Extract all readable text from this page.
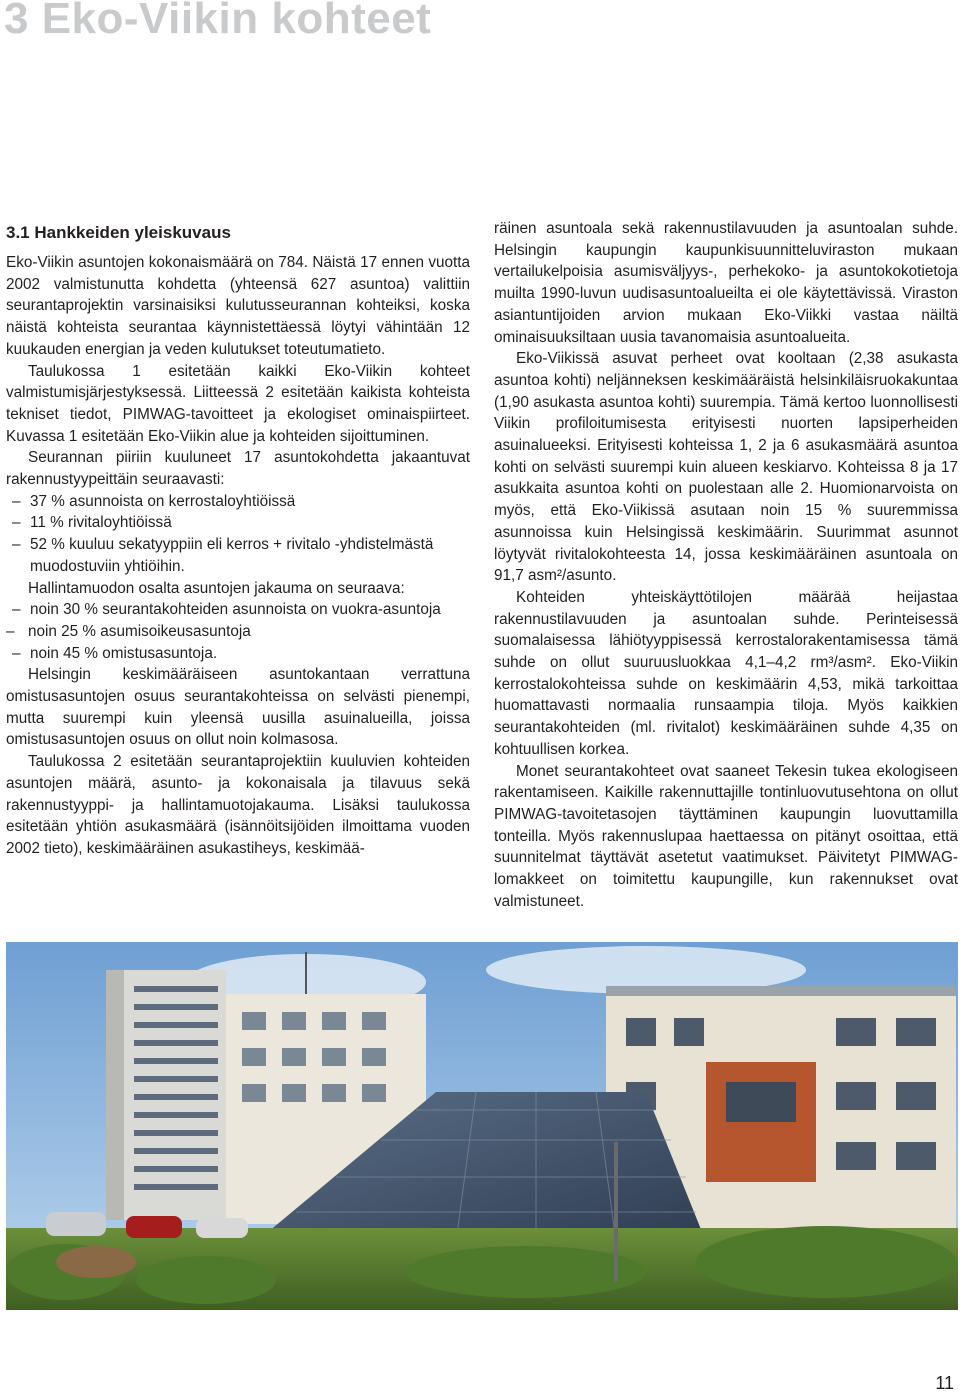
3 Eko-Viikin kohteet
3.1 Hankkeiden yleiskuvaus

Eko-Viikin asuntojen kokonaismäärä on 784. Näistä 17 ennen vuotta 2002 valmistunutta kohdetta (yhteensä 627 asuntoa) valittiin seurantaprojektin varsinaisiksi kulutusseurannan kohteiksi, koska näistä kohteista seurantaa käynnistettäessä löytyi vähintään 12 kuukauden energian ja veden kulutukset toteutumatieto.

Taulukossa 1 esitetään kaikki Eko-Viikin kohteet valmistumisjärjestyksessä. Liitteessä 2 esitetään kaikista kohteista tekniset tiedot, PIMWAG-tavoitteet ja ekologiset ominaispiirteet. Kuvassa 1 esitetään Eko-Viikin alue ja kohteiden sijoittuminen.

Seurannan piiriin kuuluneet 17 asuntokohdetta jakaantuvat rakennustyypeittäin seuraavasti:

– 37 % asunnoista on kerrostaloyhtiöissä
– 11 % rivitaloyhtiöissä
– 52 % kuuluu sekatyyppiin eli kerros + rivitalo -yhdistelmästä muodostuviin yhtiöihin.

Hallintamuodon osalta asuntojen jakauma on seuraava:

– noin 30 % seurantakohteiden asunnoista on vuokra-asuntoja
– noin 25 % asumisoikeusasuntoja
– noin 45 % omistusasuntoja.

Helsingin keskimääräiseen asuntokantaan verrattuna omistusasuntojen osuus seurantakohteissa on selvästi pienempi, mutta suurempi kuin yleensä uusilla asuinalueilla, joissa omistusasuntojen osuus on ollut noin kolmasosa.

Taulukossa 2 esitetään seurantaprojektiin kuuluvien kohteiden asuntojen määrä, asunto- ja kokonaisala ja tilavuus sekä rakennustyyppi- ja hallintamuotojakauma. Lisäksi taulukossa esitetään yhtiön asukasmäärä (isännöitsijöiden ilmoittama vuoden 2002 tieto), keskimääräinen asukastiheys, keskimää-

räinen asuntoala sekä rakennustilavuuden ja asuntoalan suhde. Helsingin kaupungin kaupunkisuunnitteluviraston mukaan vertailukelpoisia asumisväljyys-, perhekoko- ja asuntokokotietoja muilta 1990-luvun uudisasuntoalueilta ei ole käytettävissä. Viraston asiantuntijoiden arvion mukaan Eko-Viikki vastaa näiltä ominaisuuksiltaan uusia tavanomaisia asuntoalueita.

Eko-Viikissä asuvat perheet ovat kooltaan (2,38 asukasta asuntoa kohti) neljänneksen keskimääräistä helsinkiläisruokakuntaa (1,90 asukasta asuntoa kohti) suurempia. Tämä kertoo luonnollisesti Viikin profiloitumisesta erityisesti nuorten lapsiperheiden asuinalueeksi. Erityisesti kohteissa 1, 2 ja 6 asukasmäärä asuntoa kohti on selvästi suurempi kuin alueen keskiarvo. Kohteissa 8 ja 17 asukkaita asuntoa kohti on puolestaan alle 2. Huomionarvoista on myös, että Eko-Viikissä asutaan noin 15 % suuremmissa asunnoissa kuin Helsingissä keskimäärin. Suurimmat asunnot löytyvät rivitalokohteesta 14, jossa keskimääräinen asuntoala on 91,7 asm²/asunto.

Kohteiden yhteiskäyttötilojen määrää heijastaa rakennustilavuuden ja asuntoalan suhde. Perinteisessä suomalaisessa lähiötyyppisessä kerrostalorakentamisessa tämä suhde on ollut suuruusluokkaa 4,1–4,2 rm³/asm². Eko-Viikin kerrostalokohteissa suhde on keskimäärin 4,53, mikä tarkoittaa huomattavasti normaalia runsaampia tiloja. Myös kaikkien seurantakohteiden (ml. rivitalot) keskimääräinen suhde 4,35 on kohtuullisen korkea.

Monet seurantakohteet ovat saaneet Tekesin tukea ekologiseen rakentamiseen. Kaikille rakennuttajille tontinluovutusehtona on ollut PIMWAG-tavoitetasojen täyttäminen kaupungin luovuttamilla tonteilla. Myös rakennuslupaa haettaessa on pitänyt osoittaa, että suunnitelmat täyttävät asetetut vaatimukset. Päivitetyt PIMWAG-lomakkeet on toimitettu kaupungille, kun rakennukset ovat valmistuneet.

11
